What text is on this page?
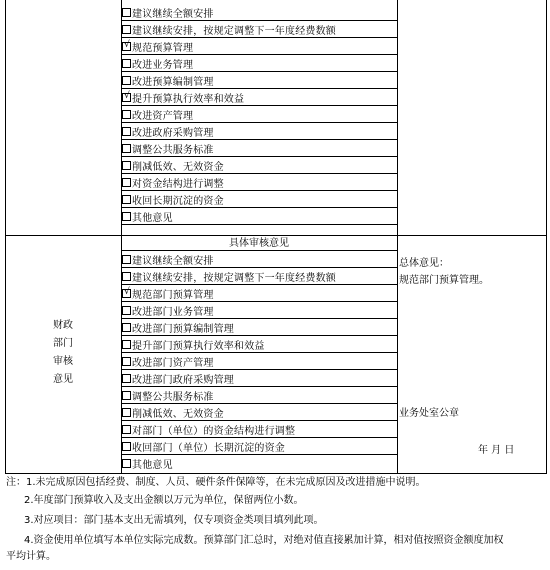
建议继续全额安排
建议继续安排，按规定调整下一年度经费数额
√ 规范预算管理
改进业务管理
改进预算编制管理
√ 提升预算执行效率和效益
改进资产管理
改进政府采购管理
调整公共服务标准
削减低效、无效资金
对资金结构进行调整
收回长期沉淀的资金
其他意见
具体审核意见
建议继续全额安排
建议继续安排，按规定调整下一年度经费数额
√ 规范部门预算管理
改进部门业务管理
改进部门预算编制管理
提升部门预算执行效率和效益
改进部门资产管理
改进部门政府采购管理
调整公共服务标准
削减低效、无效资金
对部门（单位）的资金结构进行调整
收回部门（单位）长期沉淀的资金
其他意见
财政
部门
审核
意见
总体意见：
规范部门预算管理。
业务处室公章
年 月 日
注：1.未完成原因包括经费、制度、人员、硬件条件保障等，在未完成原因及改进措施中说明。
2.年度部门预算收入及支出金额以万元为单位，保留两位小数。
3.对应项目：部门基本支出无需填列，仅专项资金类项目填列此项。
4.资金使用单位填写本单位实际完成数。预算部门汇总时，对绝对值直接累加计算，相对值按照资金额度加权
平均计算。
